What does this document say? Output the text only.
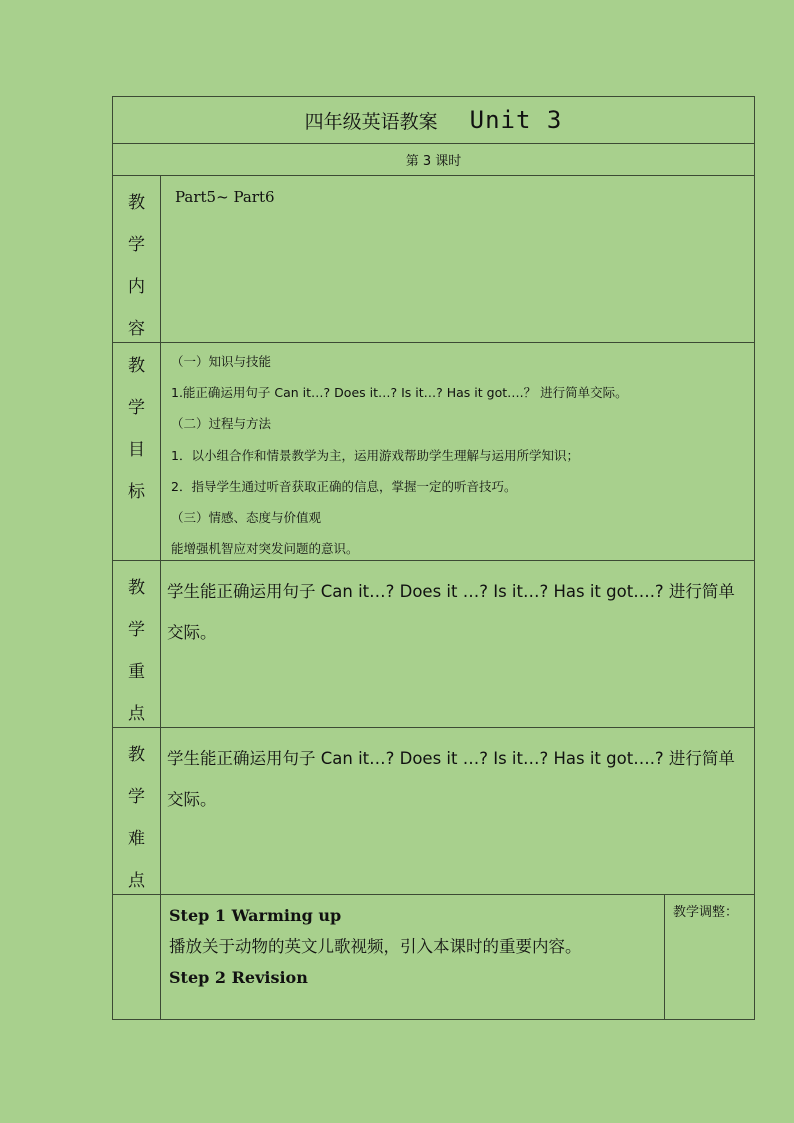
四年级英语教案 Unit 3
第 3 课时
教
学
内
容
Part5~ Part6
教
学
目
标
（一）知识与技能
1.能正确运用句子 Can it…? Does it…? Is it…? Has it got….？ 进行简单交际。
（二）过程与方法
1．以小组合作和情景教学为主，运用游戏帮助学生理解与运用所学知识；
2．指导学生通过听音获取正确的信息，掌握一定的听音技巧。
（三）情感、态度与价值观
能增强机智应对突发问题的意识。
教
学
重
点
学生能正确运用句子 Can it…? Does it …? Is it…? Has it got….? 进行简单交际。
教
学
难
点
学生能正确运用句子 Can it…? Does it …? Is it…? Has it got….? 进行简单交际。
Step 1 Warming up
播放关于动物的英文儿歌视频，引入本课时的重要内容。
Step 2 Revision
教学调整：
